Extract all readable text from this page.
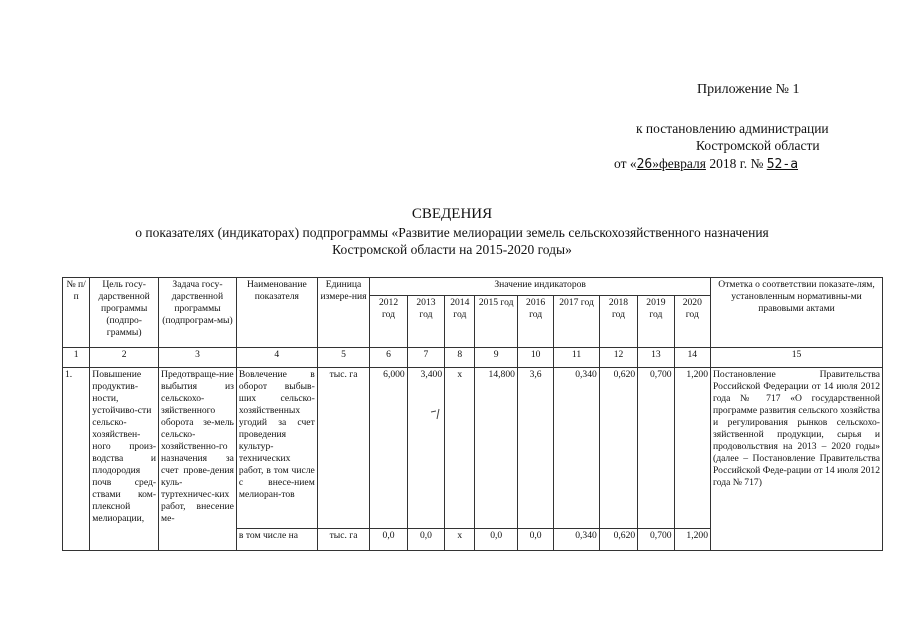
Приложение № 1
к постановлению администрации
Костромской области
от «26»февраля 2018 г. № 52-а
СВЕДЕНИЯ
о показателях (индикаторах) подпрограммы «Развитие мелиорации земель сельскохозяйственного назначения
Костромской области на 2015-2020 годы»
№ п/п	Цель госу-дарственной программы (подпро-граммы)	Задача госу-дарственной программы (подпрограм-мы)	Наименование показателя	Единица измере-ния	Значение индикаторов									Отметка о соответствии показате-лям, установленным нормативны-ми правовыми актами
					2012 год	2013 год	2014 год	2015 год	2016 год	2017 год	2018 год	2019 год	2020 год	
1	2	3	4	5	6	7	8	9	10	11	12	13	14	15
1.	Повышение продуктив-ности, устойчиво-сти сельско-хозяйствен-ного произ-водства и плодородия почв сред-ствами ком-плексной мелиорации,	Предотвраще-ние выбытия из сельскохо-зяйственного оборота зе-мель сельско-хозяйственно-го назначения за счет прове-дения куль-туртехничес-ких работ, внесение ме-	Вовлечение в оборот выбыв-ших сельско-хозяйственных угодий за счет проведения культур-технических работ, в том числе с внесе-нием мелиоран-тов	тыс. га	6,000	3,400	x	14,800	3,6	0,340	0,620	0,700	1,200	Постановление Правительства Российской Федерации от 14 июля 2012 года № 717 «О государственной программе развития сельского хозяйства и регулирования рынков сельскохо-зяйственной продукции, сырья и продовольствия на 2013 – 2020 годы» (далее – Постановление Правительства Российской Феде-рации от 14 июля 2012 года № 717)
			в том числе на	тыс. га	0,0	0,0	x	0,0	0,0	0,340	0,620	0,700	1,200	
